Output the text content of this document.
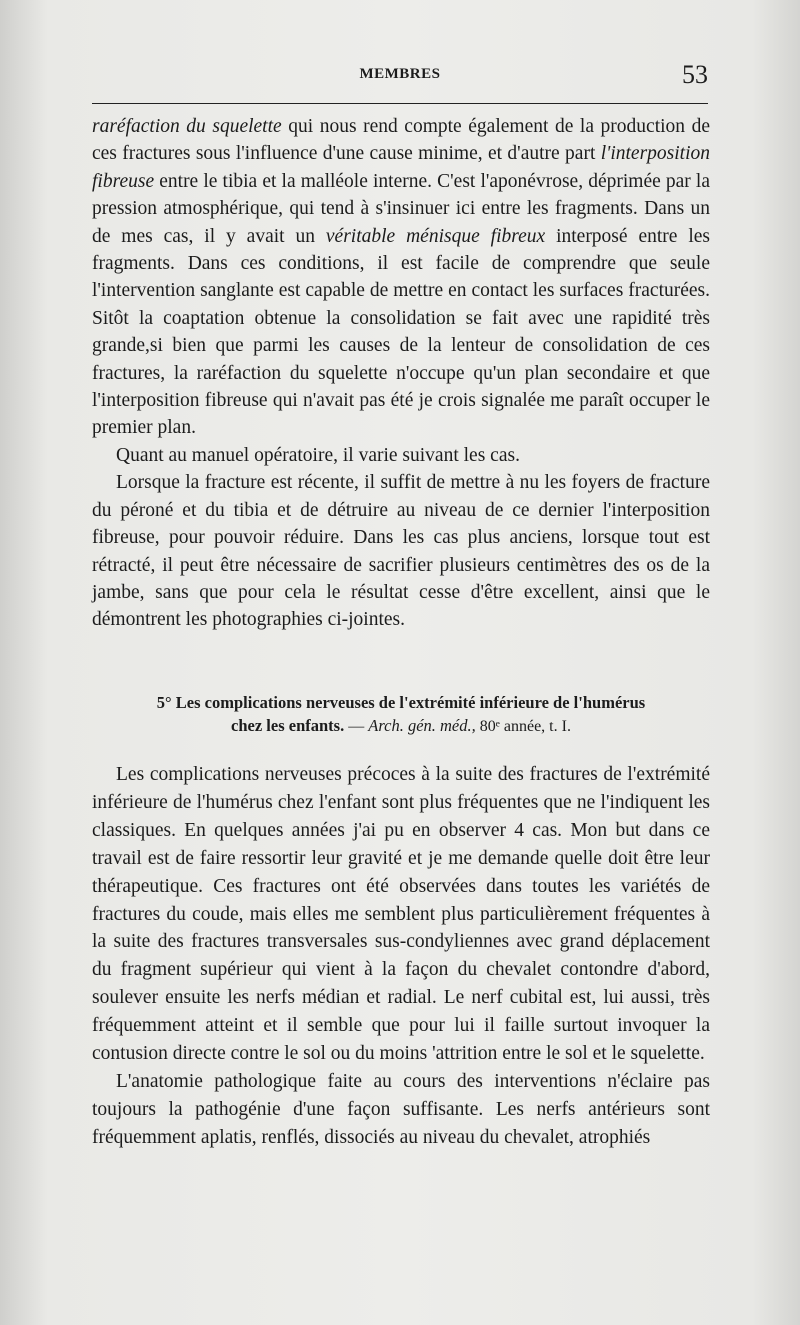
MEMBRES	53

raréfaction du squelette qui nous rend compte également de la production de ces fractures sous l'influence d'une cause minime, et d'autre part l'interposition fibreuse entre le tibia et la malléole interne. C'est l'aponévrose, déprimée par la pression atmosphérique, qui tend à s'insinuer ici entre les fragments. Dans un de mes cas, il y avait un véritable ménisque fibreux interposé entre les fragments. Dans ces conditions, il est facile de comprendre que seule l'intervention sanglante est capable de mettre en contact les surfaces fracturées. Sitôt la coaptation obtenue la consolidation se fait avec une rapidité très grande,si bien que parmi les causes de la lenteur de consolidation de ces fractures, la raréfaction du squelette n'occupe qu'un plan secondaire et que l'interposition fibreuse qui n'avait pas été je crois signalée me paraît occuper le premier plan.

Quant au manuel opératoire, il varie suivant les cas.

Lorsque la fracture est récente, il suffit de mettre à nu les foyers de fracture du péroné et du tibia et de détruire au niveau de ce dernier l'interposition fibreuse, pour pouvoir réduire. Dans les cas plus anciens, lorsque tout est rétracté, il peut être nécessaire de sacrifier plusieurs centimètres des os de la jambe, sans que pour cela le résultat cesse d'être excellent, ainsi que le démontrent les photographies ci-jointes.

5° Les complications nerveuses de l'extrémité inférieure de l'humérus
chez les enfants. — Arch. gén. méd., 80ᵉ année, t. I.

Les complications nerveuses précoces à la suite des fractures de l'extrémité inférieure de l'humérus chez l'enfant sont plus fréquentes que ne l'indiquent les classiques. En quelques années j'ai pu en observer 4 cas. Mon but dans ce travail est de faire ressortir leur gravité et je me demande quelle doit être leur thérapeutique. Ces fractures ont été observées dans toutes les variétés de fractures du coude, mais elles me semblent plus particulièrement fréquentes à la suite des fractures transversales sus-condyliennes avec grand déplacement du fragment supérieur qui vient à la façon du chevalet contondre d'abord, soulever ensuite les nerfs médian et radial. Le nerf cubital est, lui aussi, très fréquemment atteint et il semble que pour lui il faille surtout invoquer la contusion directe contre le sol ou du moins 'attrition entre le sol et le squelette.

L'anatomie pathologique faite au cours des interventions n'éclaire pas toujours la pathogénie d'une façon suffisante. Les nerfs antérieurs sont fréquemment aplatis, renflés, dissociés au niveau du chevalet, atrophiés
